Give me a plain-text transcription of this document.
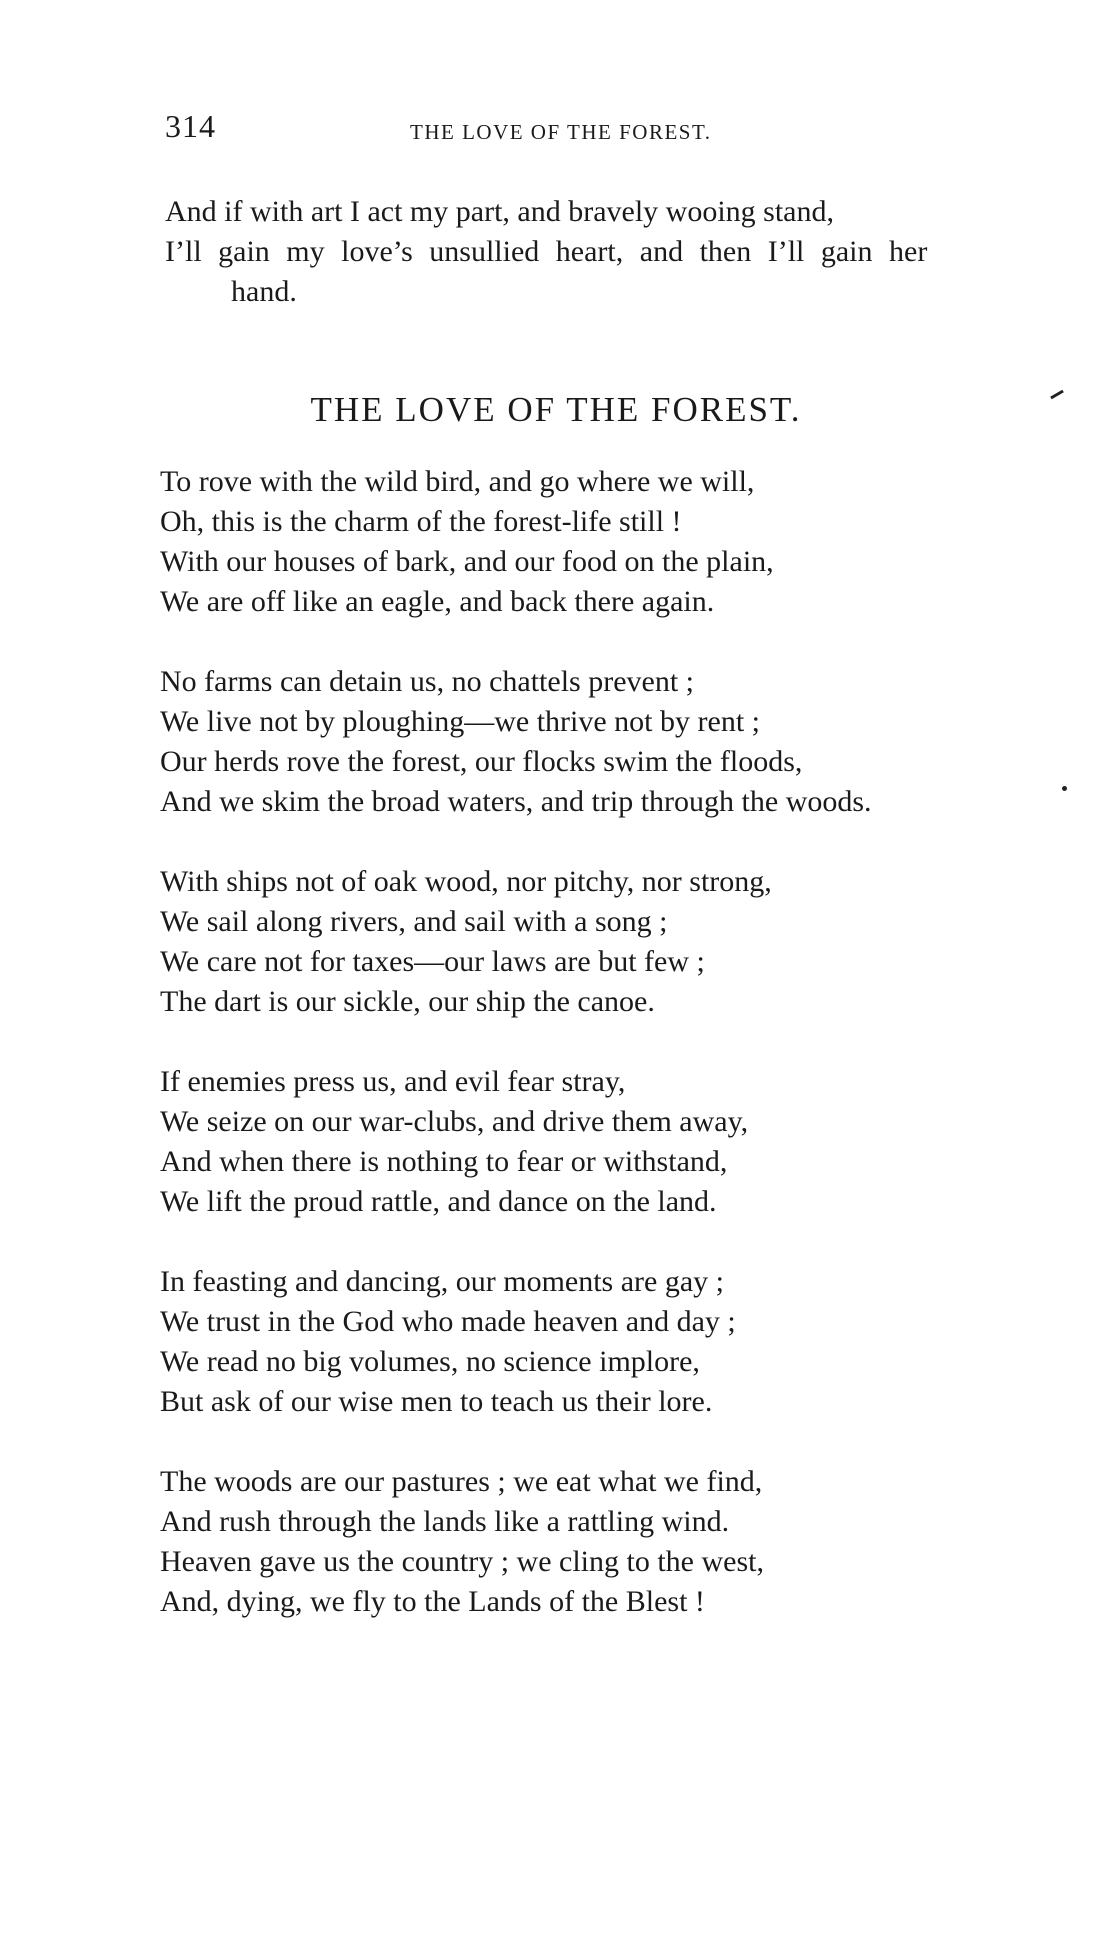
314	THE LOVE OF THE FOREST.
And if with art I act my part, and bravely wooing stand,
I’ll gain my love’s unsullied heart, and then I’ll gain her
hand.
THE LOVE OF THE FOREST.
To rove with the wild bird, and go where we will,
Oh, this is the charm of the forest-life still !
With our houses of bark, and our food on the plain,
We are off like an eagle, and back there again.
No farms can detain us, no chattels prevent ;
We live not by ploughing—we thrive not by rent ;
Our herds rove the forest, our flocks swim the floods,
And we skim the broad waters, and trip through the woods.
With ships not of oak wood, nor pitchy, nor strong,
We sail along rivers, and sail with a song ;
We care not for taxes—our laws are but few ;
The dart is our sickle, our ship the canoe.
If enemies press us, and evil fear stray,
We seize on our war-clubs, and drive them away,
And when there is nothing to fear or withstand,
We lift the proud rattle, and dance on the land.
In feasting and dancing, our moments are gay ;
We trust in the God who made heaven and day ;
We read no big volumes, no science implore,
But ask of our wise men to teach us their lore.
The woods are our pastures ; we eat what we find,
And rush through the lands like a rattling wind.
Heaven gave us the country ; we cling to the west,
And, dying, we fly to the Lands of the Blest !
